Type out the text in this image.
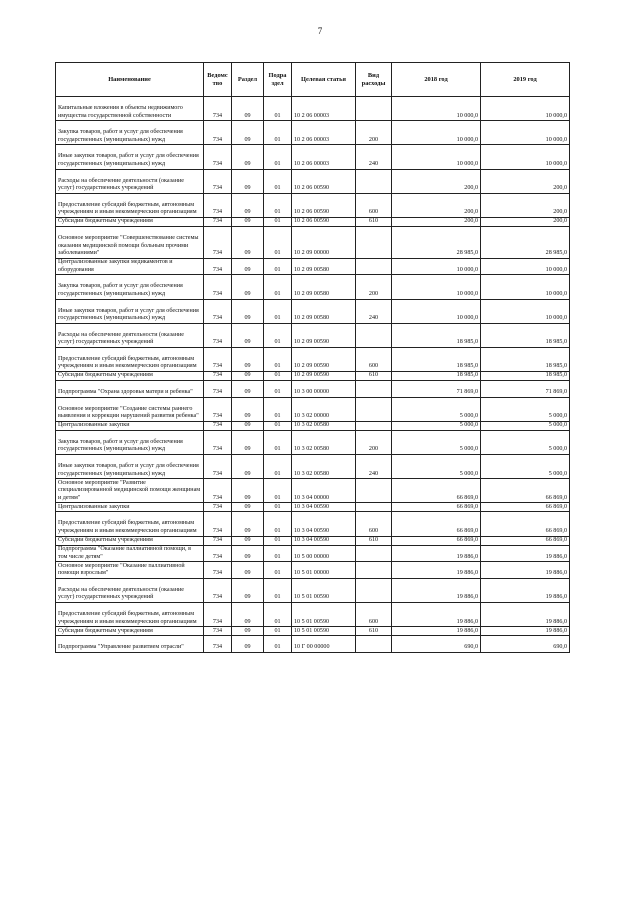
7
Наименование	Ведомс тво	Раздел	Подра здел	Целевая статья	Вид расходы	2018 год	2019 год
Капитальные вложения в объекты недвижимого имущества государственной собственности	734	09	01	10 2 06 00003		10 000,0	10 000,0
Закупка товаров, работ и услуг для обеспечения государственных (муниципальных) нужд	734	09	01	10 2 06 00003	200	10 000,0	10 000,0
Иные закупки товаров, работ и услуг для обеспечения государственных (муниципальных) нужд	734	09	01	10 2 06 00003	240	10 000,0	10 000,0
Расходы на обеспечение деятельности (оказание услуг) государственных учреждений	734	09	01	10 2 06 00590		200,0	200,0
Предоставление субсидий бюджетным, автономным учреждениям и иным некоммерческим организациям	734	09	01	10 2 06 00590	600	200,0	200,0
Субсидии бюджетным учреждениям	734	09	01	10 2 06 00590	610	200,0	200,0
Основное мероприятие "Совершенствование системы оказания медицинской помощи больным прочими заболеваниями"	734	09	01	10 2 09 00000		28 985,0	28 985,0
Централизованные закупки медикаментов и оборудования	734	09	01	10 2 09 00580		10 000,0	10 000,0
Закупка товаров, работ и услуг для обеспечения государственных (муниципальных) нужд	734	09	01	10 2 09 00580	200	10 000,0	10 000,0
Иные закупки товаров, работ и услуг для обеспечения государственных (муниципальных) нужд	734	09	01	10 2 09 00580	240	10 000,0	10 000,0
Расходы на обеспечение деятельности (оказание услуг) государственных учреждений	734	09	01	10 2 09 00590		18 985,0	18 985,0
Предоставление субсидий бюджетным, автономным учреждениям и иным некоммерческим организациям	734	09	01	10 2 09 00590	600	18 985,0	18 985,0
Субсидии бюджетным учреждениям	734	09	01	10 2 09 00590	610	18 985,0	18 985,0
Подпрограмма "Охрана здоровья матери и ребенка"	734	09	01	10 3 00 00000		71 869,0	71 869,0
Основное мероприятие "Создание системы раннего выявления и коррекции нарушений развития ребенка"	734	09	01	10 3 02 00000		5 000,0	5 000,0
Централизованные закупки	734	09	01	10 3 02 00580		5 000,0	5 000,0
Закупка товаров, работ и услуг для обеспечения государственных (муниципальных) нужд	734	09	01	10 3 02 00580	200	5 000,0	5 000,0
Иные закупки товаров, работ и услуг для обеспечения государственных (муниципальных) нужд	734	09	01	10 3 02 00580	240	5 000,0	5 000,0
Основное мероприятие "Развитие специализированной медицинской помощи женщинам и детям"	734	09	01	10 3 04 00000		66 869,0	66 869,0
Централизованные закупки	734	09	01	10 3 04 00590		66 869,0	66 869,0
Предоставление субсидий бюджетным, автономным учреждениям и иным некоммерческим организациям	734	09	01	10 3 04 00590	600	66 869,0	66 869,0
Субсидии бюджетным учреждениям	734	09	01	10 3 04 00590	610	66 869,0	66 869,0
Подпрограмма "Оказание паллиативной помощи, в том числе детям"	734	09	01	10 5 00 00000		19 886,0	19 886,0
Основное мероприятие "Оказание паллиативной помощи взрослым"	734	09	01	10 5 01 00000		19 886,0	19 886,0
Расходы на обеспечение деятельности (оказание услуг) государственных учреждений	734	09	01	10 5 01 00590		19 886,0	19 886,0
Предоставление субсидий бюджетным, автономным учреждениям и иным некоммерческим организациям	734	09	01	10 5 01 00590	600	19 886,0	19 886,0
Субсидии бюджетным учреждениям	734	09	01	10 5 01 00590	610	19 886,0	19 886,0
Подпрограмма "Управление развитием отрасли"	734	09	01	10 Г 00 00000		690,0	690,0
